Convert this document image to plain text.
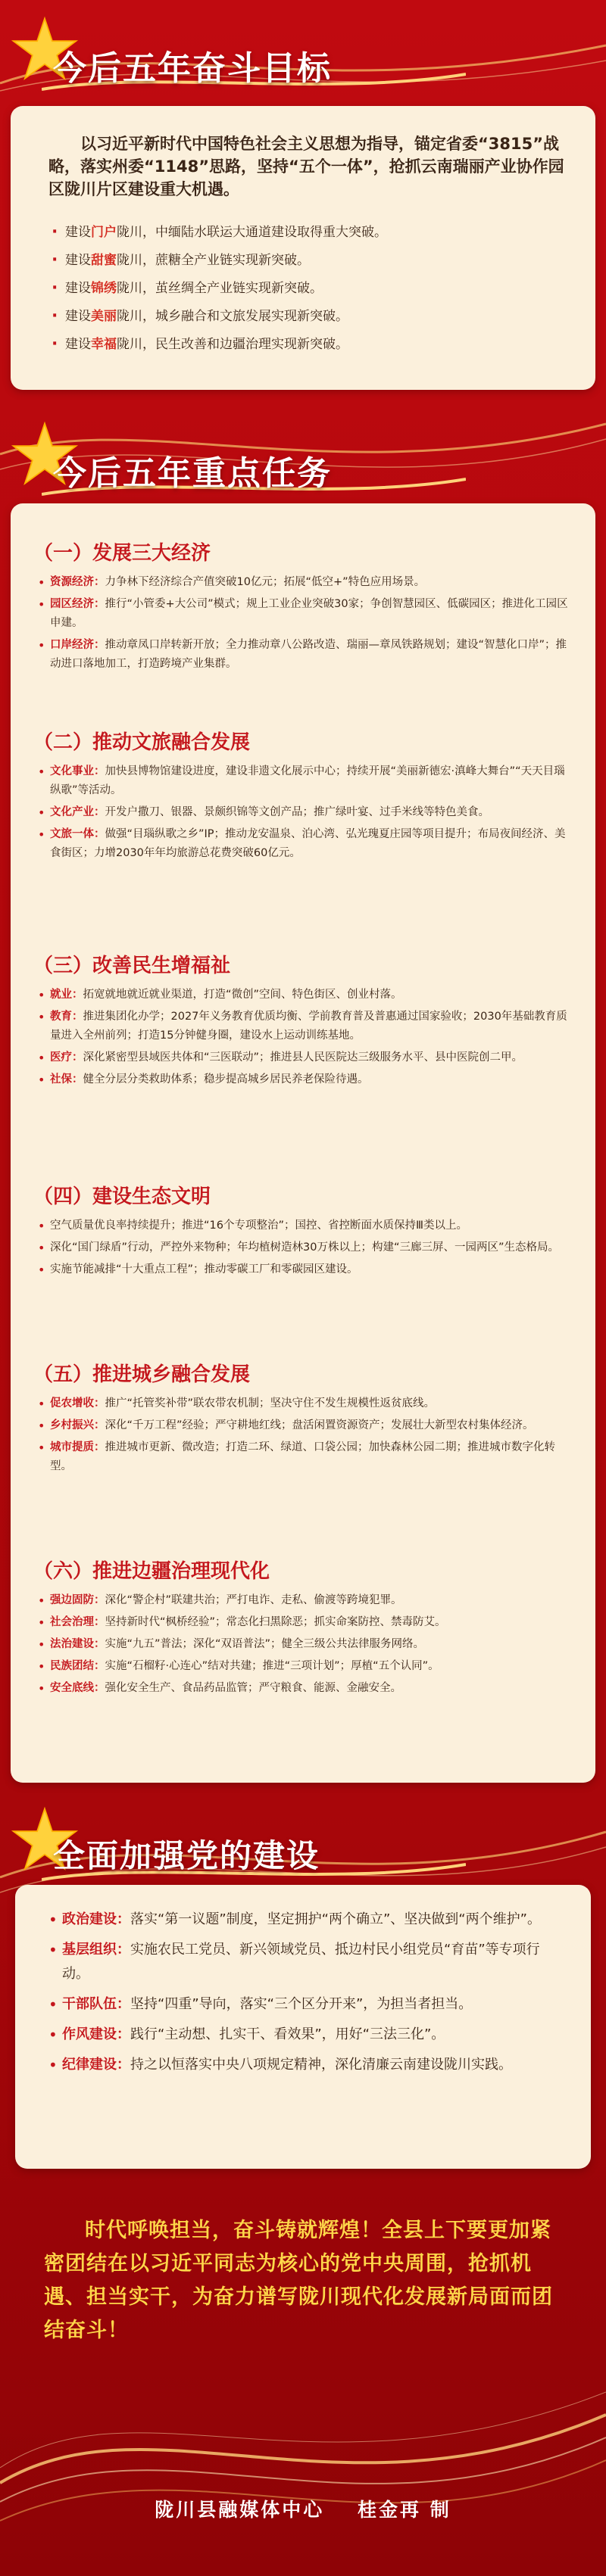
今后五年奋斗目标
以习近平新时代中国特色社会主义思想为指导，锚定省委“3815”战略，落实州委“1148”思路，坚持“五个一体”，抢抓云南瑞丽产业协作园区陇川片区建设重大机遇。
· 建设门户陇川，中缅陆水联运大通道建设取得重大突破。
· 建设甜蜜陇川，蔗糖全产业链实现新突破。
· 建设锦绣陇川，茧丝绸全产业链实现新突破。
· 建设美丽陇川，城乡融合和文旅发展实现新突破。
· 建设幸福陇川，民生改善和边疆治理实现新突破。
今后五年重点任务
（一）发展三大经济
• 资源经济：力争林下经济综合产值突破10亿元；拓展“低空+”特色应用场景。
• 园区经济：推行“小管委+大公司”模式；规上工业企业突破30家；争创智慧园区、低碳园区；推进化工园区申建。
• 口岸经济：推动章凤口岸转新开放；全力推动章八公路改造、瑞丽—章凤铁路规划；建设“智慧化口岸”；推动进口落地加工，打造跨境产业集群。
（二）推动文旅融合发展
• 文化事业：加快县博物馆建设进度，建设非遗文化展示中心；持续开展“美丽新德宏·滇峰大舞台”“天天目瑙纵歌”等活动。
• 文化产业：开发户撒刀、银器、景颇织锦等文创产品；推广绿叶宴、过手米线等特色美食。
• 文旅一体：做强“目瑙纵歌之乡”IP；推动龙安温泉、泊心湾、弘光瑰夏庄园等项目提升；布局夜间经济、美食街区；力增2030年年均旅游总花费突破60亿元。
（三）改善民生增福祉
• 就业：拓宽就地就近就业渠道，打造“微创”空间、特色街区、创业村落。
• 教育：推进集团化办学；2027年义务教育优质均衡、学前教育普及普惠通过国家验收；2030年基础教育质量进入全州前列；打造15分钟健身圈，建设水上运动训练基地。
• 医疗：深化紧密型县域医共体和“三医联动”；推进县人民医院达三级服务水平、县中医院创二甲。
• 社保：健全分层分类救助体系；稳步提高城乡居民养老保险待遇。
（四）建设生态文明
• 空气质量优良率持续提升；推进“16个专项整治”；国控、省控断面水质保持Ⅲ类以上。
• 深化“国门绿盾”行动，严控外来物种；年均植树造林30万株以上；构建“三廊三屏、一园两区”生态格局。
• 实施节能减排“十大重点工程”；推动零碳工厂和零碳园区建设。
（五）推进城乡融合发展
• 促农增收：推广“托管奖补带”联农带农机制；坚决守住不发生规模性返贫底线。
• 乡村振兴：深化“千万工程”经验；严守耕地红线；盘活闲置资源资产；发展壮大新型农村集体经济。
• 城市提质：推进城市更新、微改造；打造二环、绿道、口袋公园；加快森林公园二期；推进城市数字化转型。
（六）推进边疆治理现代化
• 强边固防：深化“警企村”联建共治；严打电诈、走私、偷渡等跨境犯罪。
• 社会治理：坚持新时代“枫桥经验”；常态化扫黑除恶；抓实命案防控、禁毒防艾。
• 法治建设：实施“九五”普法；深化“双语普法”；健全三级公共法律服务网络。
• 民族团结：实施“石榴籽·心连心”结对共建；推进“三项计划”；厚植“五个认同”。
• 安全底线：强化安全生产、食品药品监管；严守粮食、能源、金融安全。
全面加强党的建设
• 政治建设：落实“第一议题”制度，坚定拥护“两个确立”、坚决做到“两个维护”。
• 基层组织：实施农民工党员、新兴领域党员、抵边村民小组党员“育苗”等专项行动。
• 干部队伍：坚持“四重”导向，落实“三个区分开来”，为担当者担当。
• 作风建设：践行“主动想、扎实干、看效果”，用好“三法三化”。
• 纪律建设：持之以恒落实中央八项规定精神，深化清廉云南建设陇川实践。
时代呼唤担当，奋斗铸就辉煌！全县上下要更加紧密团结在以习近平同志为核心的党中央周围，抢抓机遇、担当实干，为奋力谱写陇川现代化发展新局面而团结奋斗！
陇川县融媒体中心 桂金再 制
